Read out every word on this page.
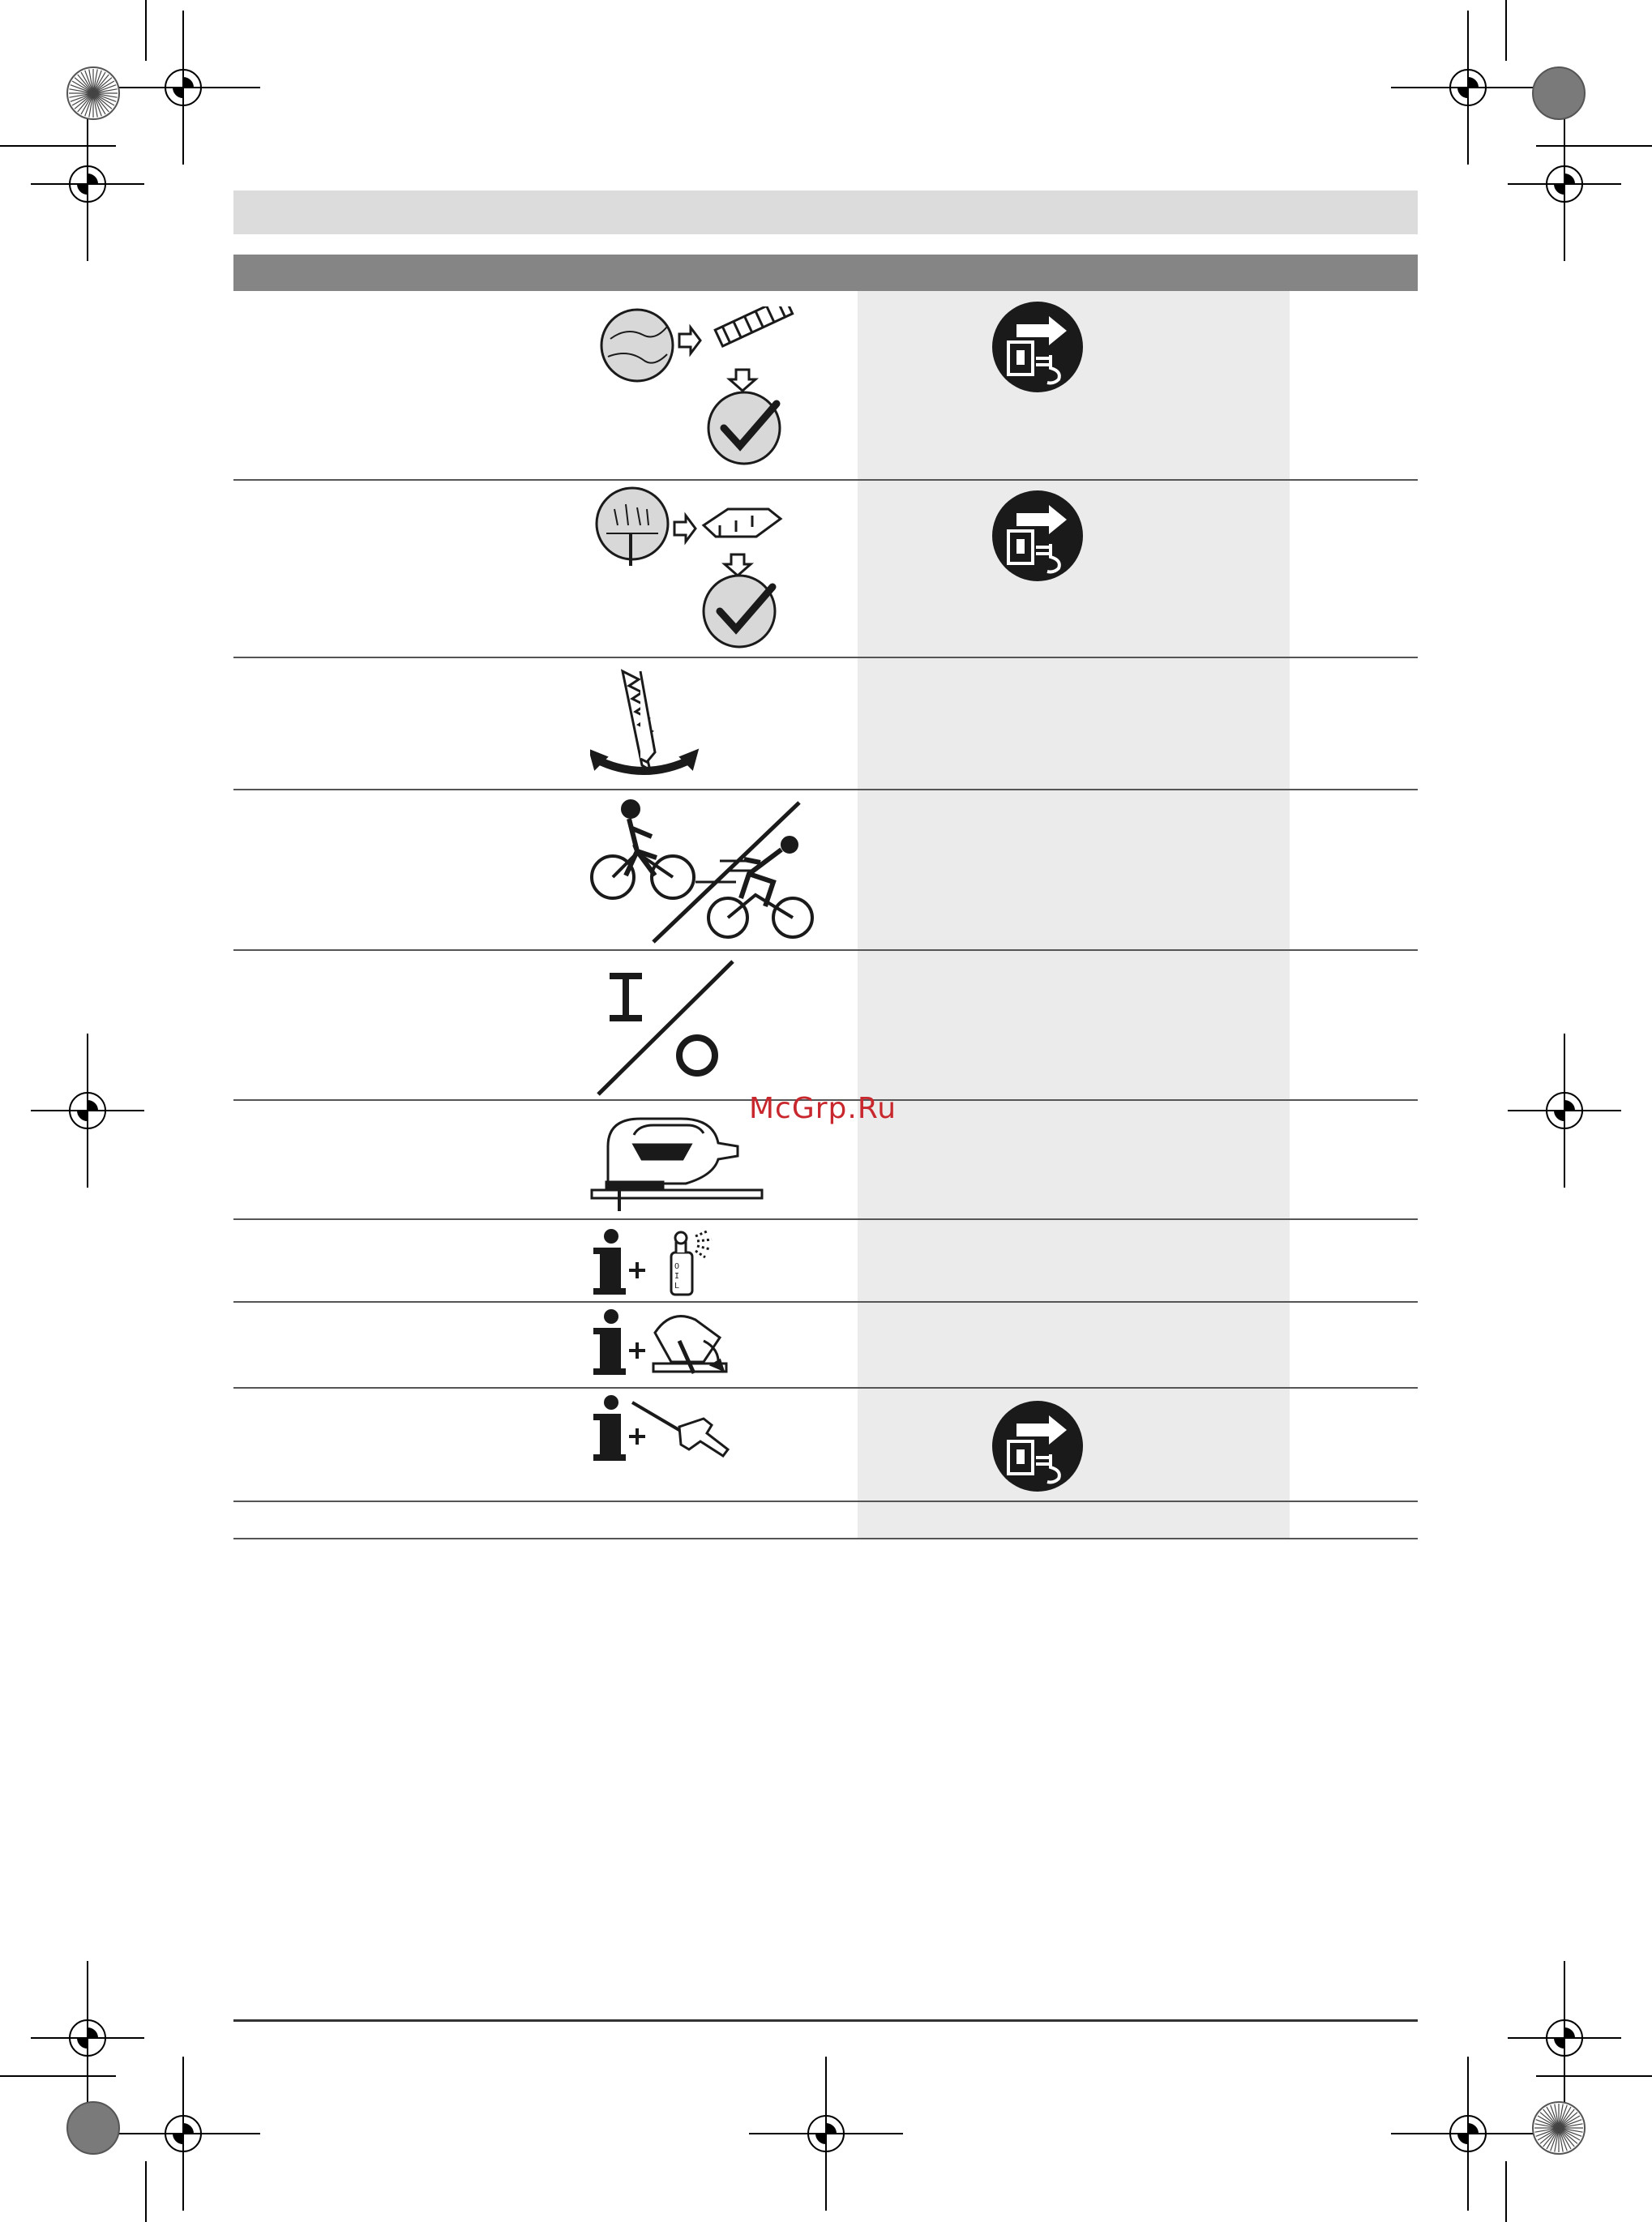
O
I
L
McGrp.Ru
